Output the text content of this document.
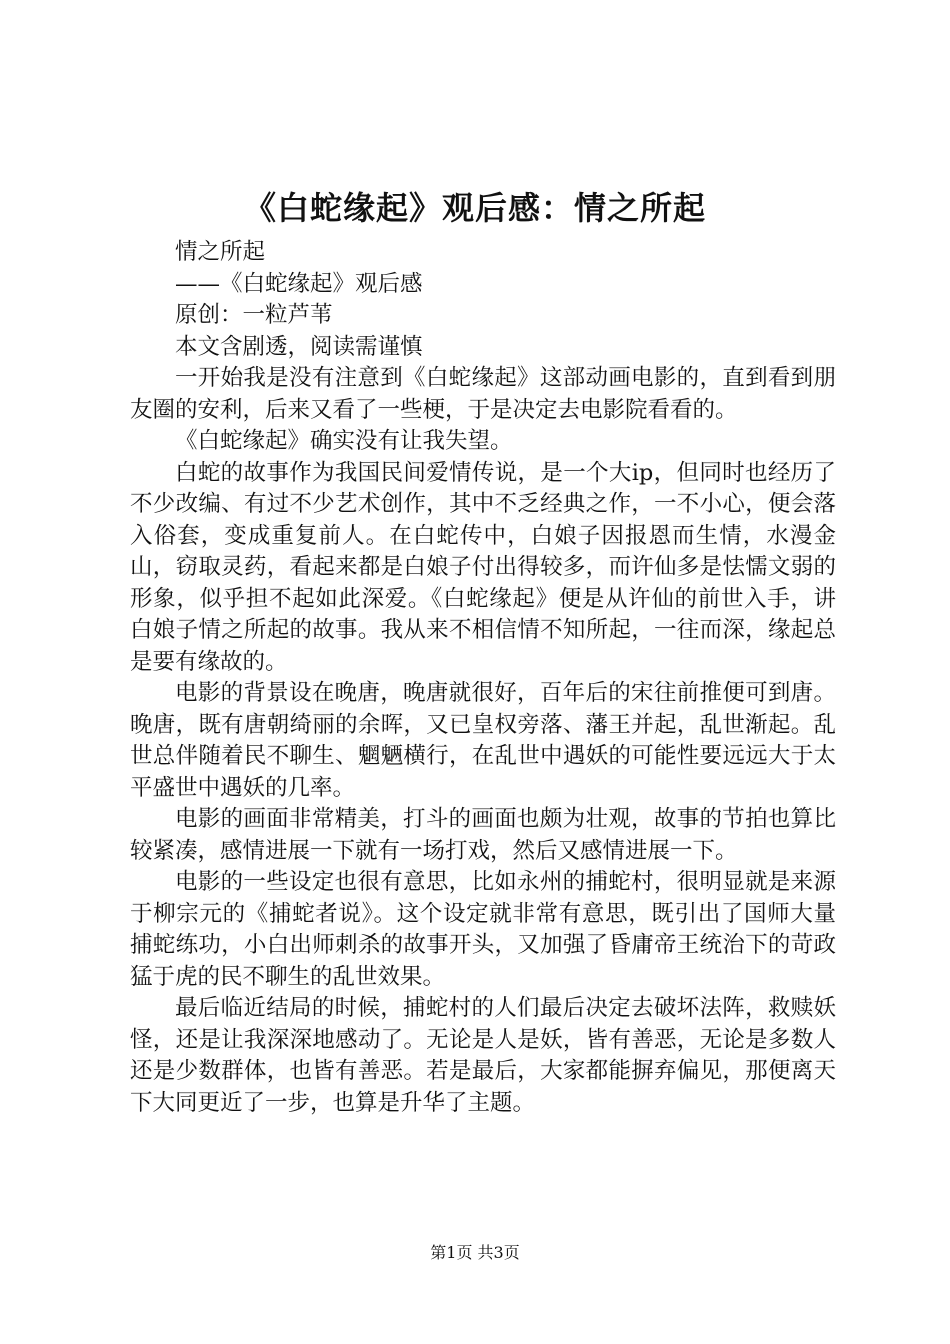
《白蛇缘起》观后感：情之所起

情之所起

——《白蛇缘起》观后感

原创：一粒芦苇

本文含剧透，阅读需谨慎

一开始我是没有注意到《白蛇缘起》这部动画电影的，直到看到朋友圈的安利，后来又看了一些梗，于是决定去电影院看看的。

《白蛇缘起》确实没有让我失望。

白蛇的故事作为我国民间爱情传说，是一个大ip，但同时也经历了不少改编、有过不少艺术创作，其中不乏经典之作，一不小心，便会落入俗套，变成重复前人。在白蛇传中，白娘子因报恩而生情，水漫金山，窃取灵药，看起来都是白娘子付出得较多，而许仙多是怯懦文弱的形象，似乎担不起如此深爱。《白蛇缘起》便是从许仙的前世入手，讲白娘子情之所起的故事。我从来不相信情不知所起，一往而深，缘起总是要有缘故的。

电影的背景设在晚唐，晚唐就很好，百年后的宋往前推便可到唐。晚唐，既有唐朝绮丽的余晖，又已皇权旁落、藩王并起，乱世渐起。乱世总伴随着民不聊生、魍魉横行，在乱世中遇妖的可能性要远远大于太平盛世中遇妖的几率。

电影的画面非常精美，打斗的画面也颇为壮观，故事的节拍也算比较紧凑，感情进展一下就有一场打戏，然后又感情进展一下。

电影的一些设定也很有意思，比如永州的捕蛇村，很明显就是来源于柳宗元的《捕蛇者说》。这个设定就非常有意思，既引出了国师大量捕蛇练功，小白出师刺杀的故事开头，又加强了昏庸帝王统治下的苛政猛于虎的民不聊生的乱世效果。

最后临近结局的时候，捕蛇村的人们最后决定去破坏法阵，救赎妖怪，还是让我深深地感动了。无论是人是妖，皆有善恶，无论是多数人还是少数群体，也皆有善恶。若是最后，大家都能摒弃偏见，那便离天下大同更近了一步，也算是升华了主题。

第1页 共3页
